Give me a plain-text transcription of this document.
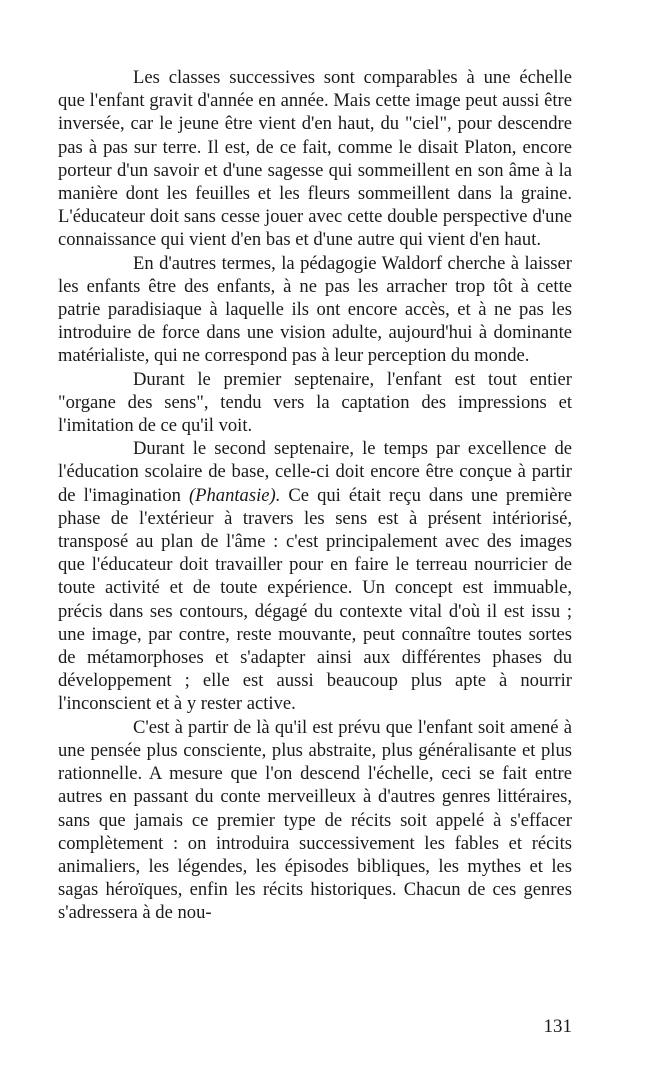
Les classes successives sont comparables à une échelle que l'enfant gravit d'année en année. Mais cette image peut aussi être inversée, car le jeune être vient d'en haut, du "ciel", pour descendre pas à pas sur terre. Il est, de ce fait, comme le disait Platon, encore porteur d'un savoir et d'une sagesse qui sommeillent en son âme à la manière dont les feuilles et les fleurs sommeillent dans la graine. L'éducateur doit sans cesse jouer avec cette double perspective d'une connaissance qui vient d'en bas et d'une autre qui vient d'en haut.

En d'autres termes, la pédagogie Waldorf cherche à laisser les enfants être des enfants, à ne pas les arracher trop tôt à cette patrie paradisiaque à laquelle ils ont encore accès, et à ne pas les introduire de force dans une vision adulte, aujourd'hui à dominante matérialiste, qui ne correspond pas à leur perception du monde.

Durant le premier septenaire, l'enfant est tout entier "organe des sens", tendu vers la captation des impressions et l'imitation de ce qu'il voit.

Durant le second septenaire, le temps par excellence de l'éducation scolaire de base, celle-ci doit encore être conçue à partir de l'imagination (Phantasie). Ce qui était reçu dans une première phase de l'extérieur à travers les sens est à présent intériorisé, transposé au plan de l'âme : c'est principalement avec des images que l'éducateur doit travailler pour en faire le terreau nourricier de toute activité et de toute expérience. Un concept est immuable, précis dans ses contours, dégagé du contexte vital d'où il est issu ; une image, par contre, reste mouvante, peut connaître toutes sortes de métamorphoses et s'adapter ainsi aux différentes phases du développement ; elle est aussi beaucoup plus apte à nourrir l'inconscient et à y rester active.

C'est à partir de là qu'il est prévu que l'enfant soit amené à une pensée plus consciente, plus abstraite, plus généralisante et plus rationnelle. A mesure que l'on descend l'échelle, ceci se fait entre autres en passant du conte merveilleux à d'autres genres littéraires, sans que jamais ce premier type de récits soit appelé à s'effacer complètement : on introduira successivement les fables et récits animaliers, les légendes, les épisodes bibliques, les mythes et les sagas héroïques, enfin les récits historiques. Chacun de ces genres s'adressera à de nou-

131
